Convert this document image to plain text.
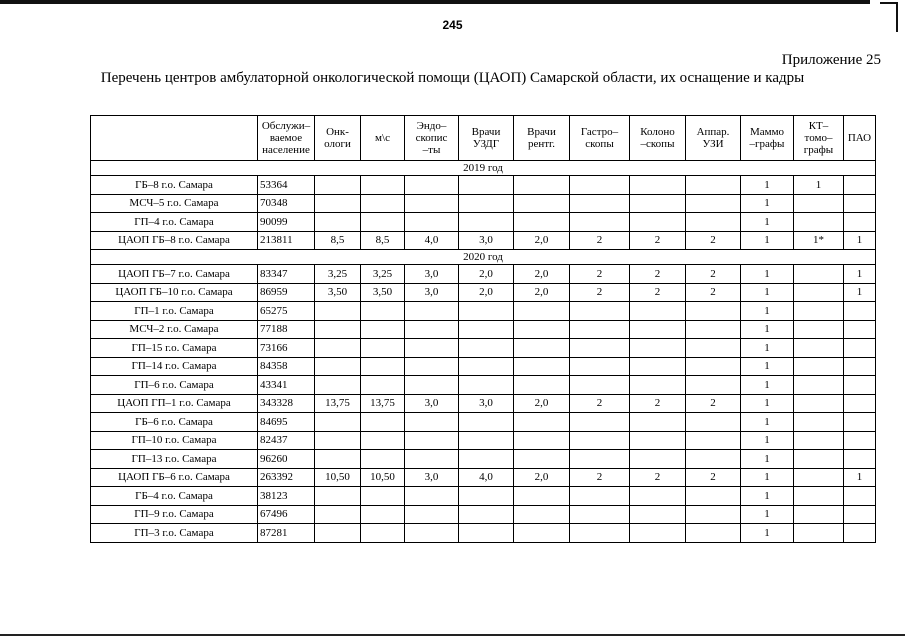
245
Приложение 25
Перечень центров амбулаторной онкологической помощи (ЦАОП) Самарской области, их оснащение и кадры
	Обслужи–
ваемое
население	Онк-
ологи	м\с	Эндо–
скопис
–ты	Врачи
УЗДГ	Врачи
рентг.	Гастро–
скопы	Колоно
–скопы	Аппар.
УЗИ	Маммо
–графы	КТ–
томо–
графы	ПАО
2019 год												
ГБ–8 г.о. Самара	53364									1	1	
МСЧ–5 г.о. Самара	70348									1		
ГП–4 г.о. Самара	90099									1		
ЦАОП ГБ–8 г.о. Самара	213811	8,5	8,5	4,0	3,0	2,0	2	2	2	1	1*	1
2020 год												
ЦАОП ГБ–7 г.о. Самара	83347	3,25	3,25	3,0	2,0	2,0	2	2	2	1		1
ЦАОП ГБ–10 г.о. Самара	86959	3,50	3,50	3,0	2,0	2,0	2	2	2	1		1
ГП–1 г.о. Самара	65275									1		
МСЧ–2 г.о. Самара	77188									1		
ГП–15 г.о. Самара	73166									1		
ГП–14 г.о. Самара	84358									1		
ГП–6 г.о. Самара	43341									1		
ЦАОП ГП–1 г.о. Самара	343328	13,75	13,75	3,0	3,0	2,0	2	2	2	1		
ГБ–6 г.о. Самара	84695									1		
ГП–10 г.о. Самара	82437									1		
ГП–13 г.о. Самара	96260									1		
ЦАОП ГБ–6 г.о. Самара	263392	10,50	10,50	3,0	4,0	2,0	2	2	2	1		1
ГБ–4 г.о. Самара	38123									1		
ГП–9 г.о. Самара	67496									1		
ГП–3 г.о. Самара	87281									1		
